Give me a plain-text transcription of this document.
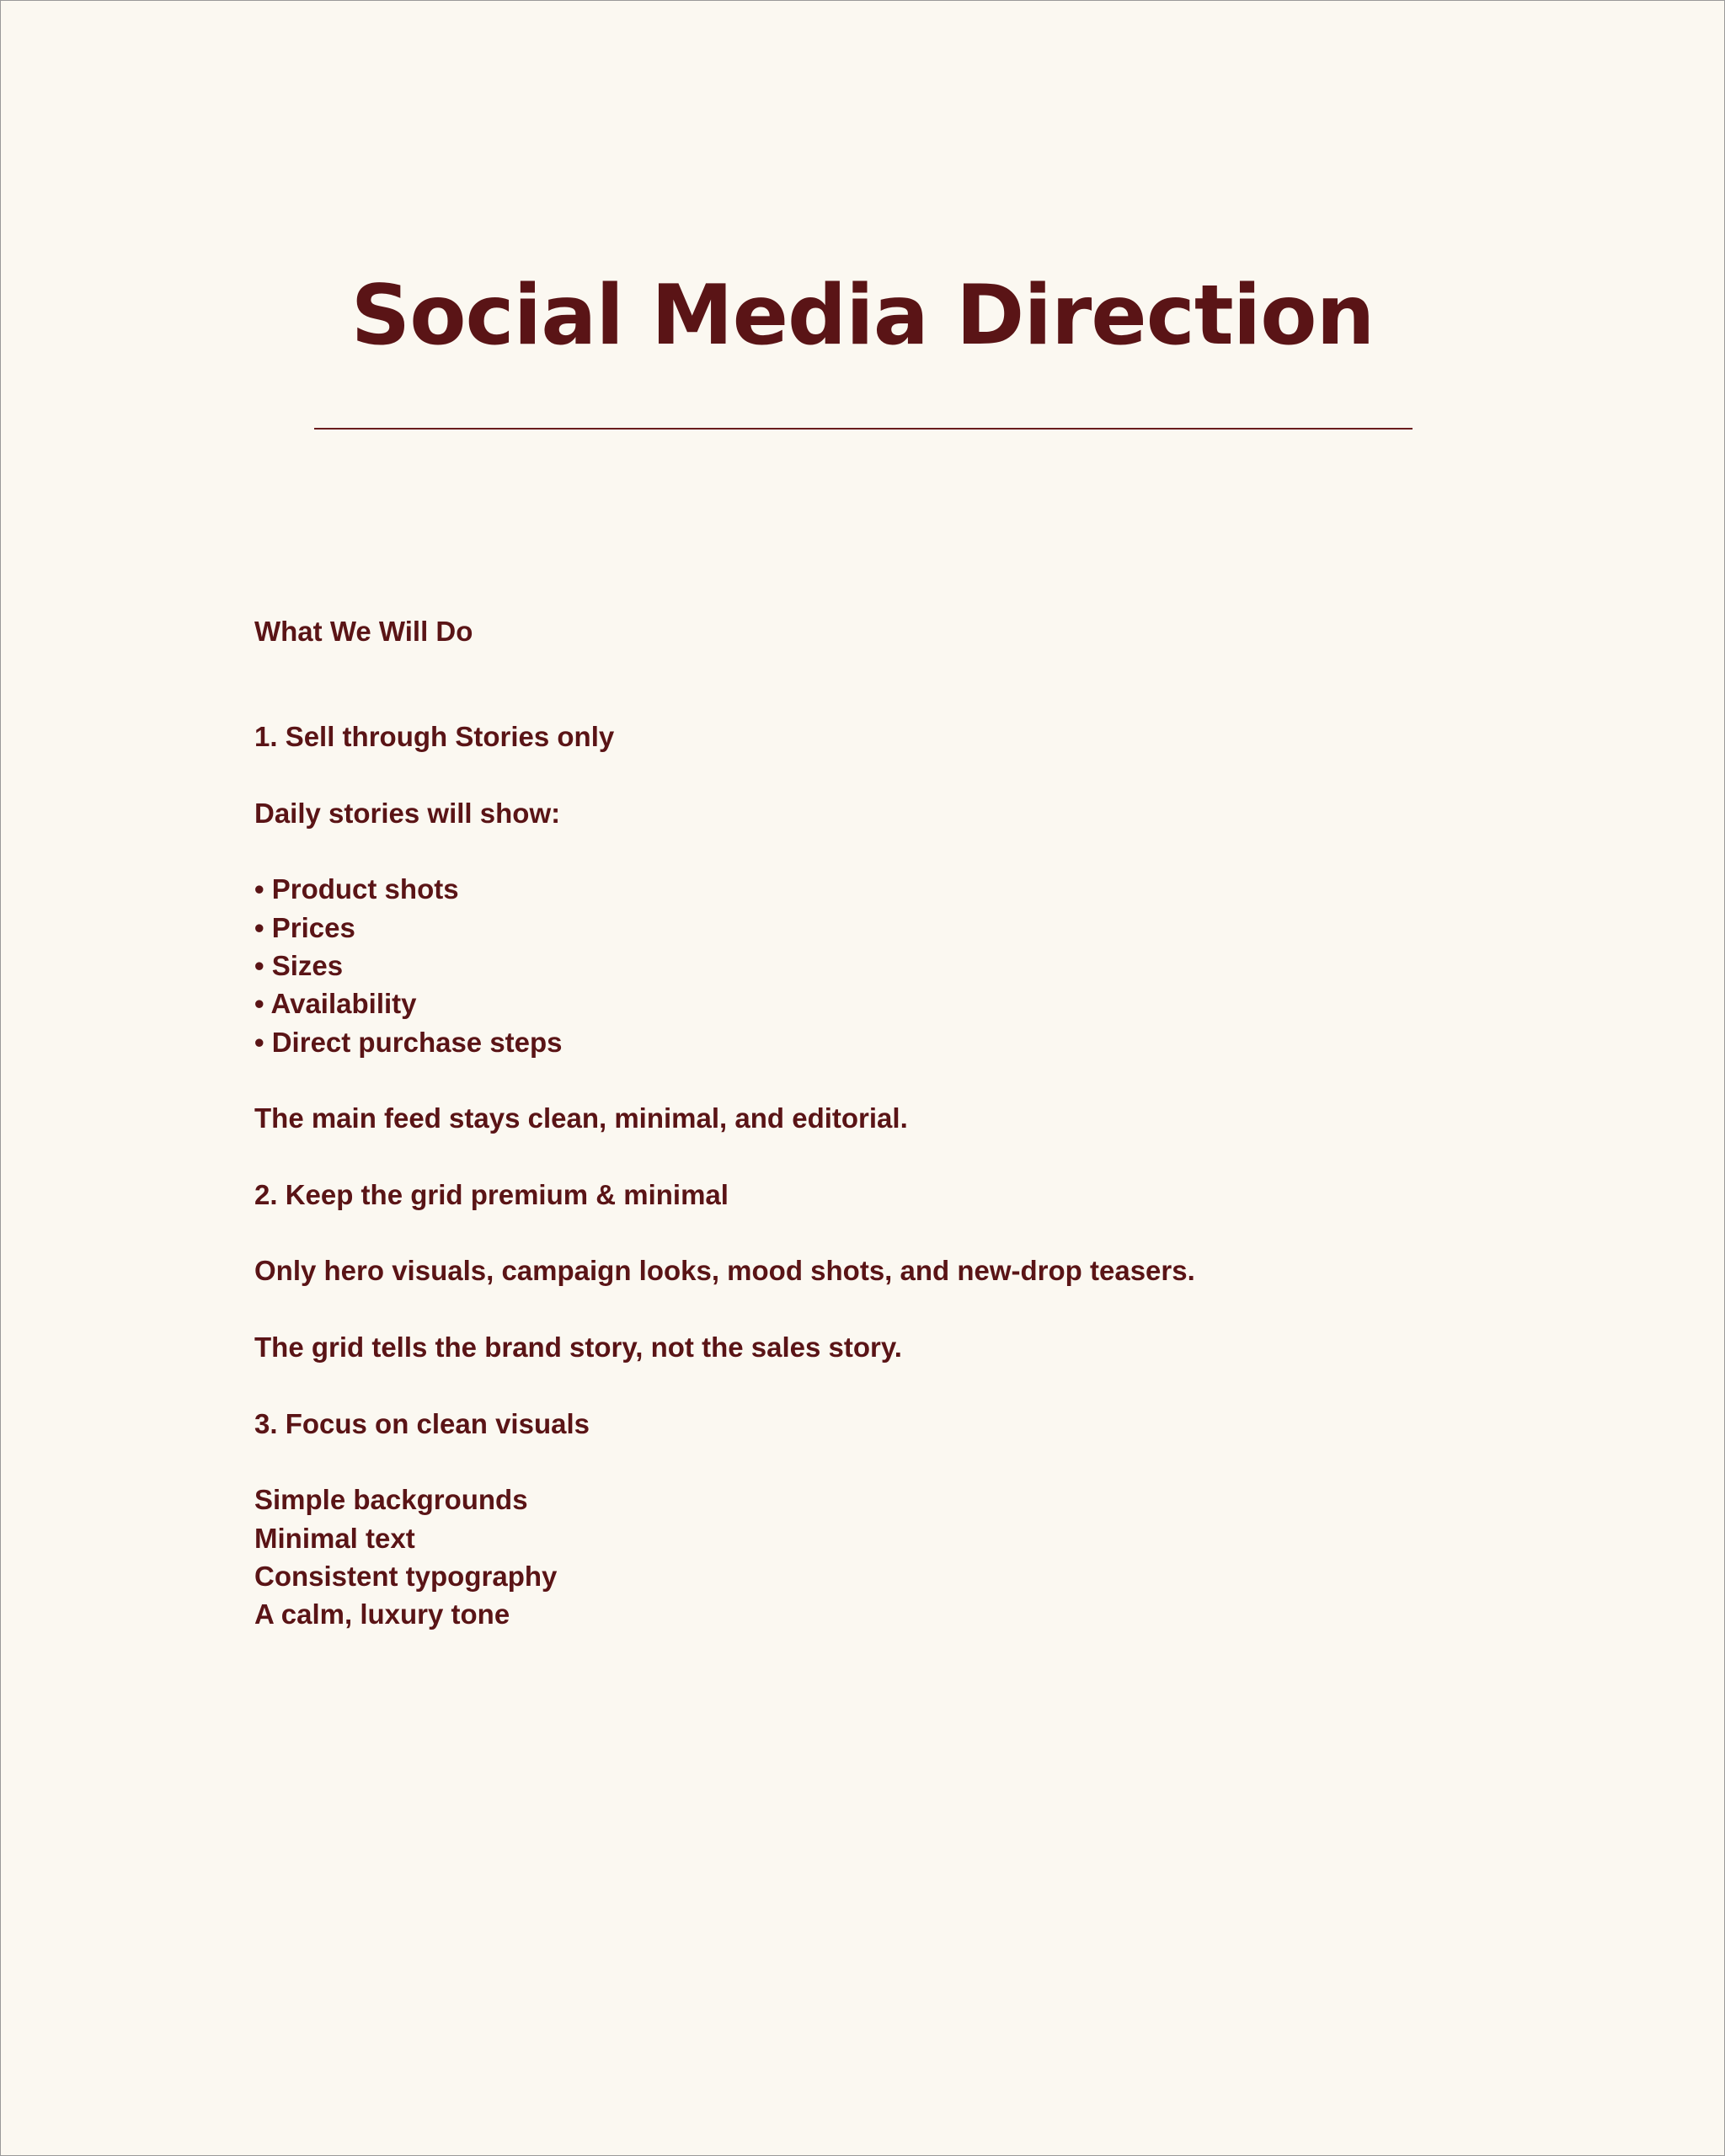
Social Media Direction

What We Will Do

1. Sell through Stories only

Daily stories will show:

• Product shots

• Prices

• Sizes

• Availability

• Direct purchase steps

The main feed stays clean, minimal, and editorial.

2. Keep the grid premium & minimal

Only hero visuals, campaign looks, mood shots, and new-drop teasers.

The grid tells the brand story, not the sales story.

3. Focus on clean visuals

Simple backgrounds

Minimal text

Consistent typography

A calm, luxury tone
